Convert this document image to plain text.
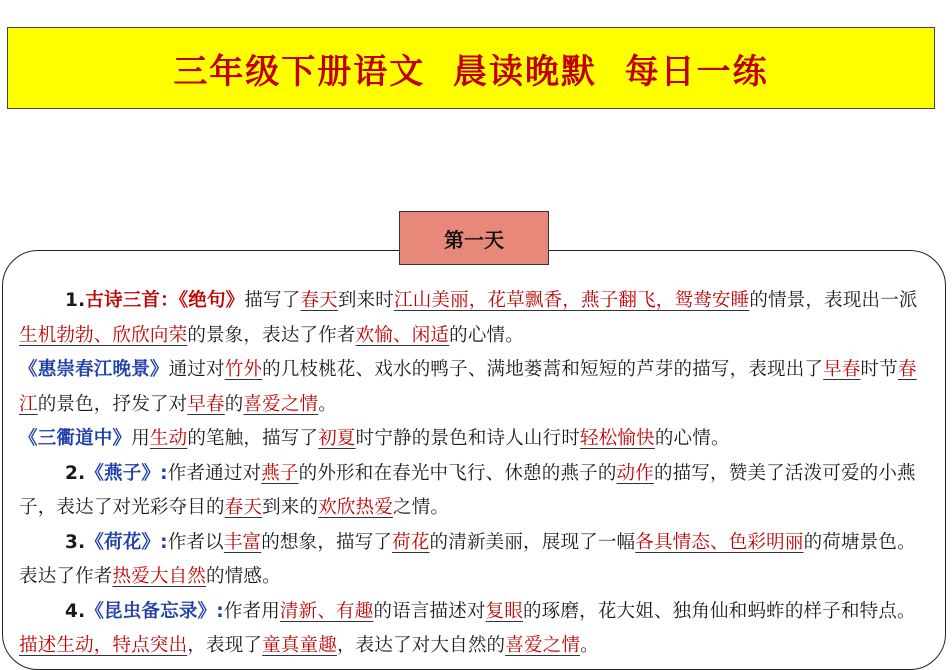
三年级下册语文  晨读晚默  每日一练
第一天

1.古诗三首：《绝句》描写了春天到来时江山美丽，花草飘香，燕子翻飞，鸳鸯安睡的情景，表现出一派生机勃勃、欣欣向荣的景象，表达了作者欢愉、闲适的心情。

《惠崇春江晚景》通过对竹外的几枝桃花、戏水的鸭子、满地蒌蒿和短短的芦芽的描写，表现出了早春时节春江的景色，抒发了对早春的喜爱之情。

《三衢道中》用生动的笔触，描写了初夏时宁静的景色和诗人山行时轻松愉快的心情。

2.《燕子》:作者通过对燕子的外形和在春光中飞行、休憩的燕子的动作的描写，赞美了活泼可爱的小燕子，表达了对光彩夺目的春天到来的欢欣热爱之情。

3.《荷花》:作者以丰富的想象，描写了荷花的清新美丽，展现了一幅各具情态、色彩明丽的荷塘景色。表达了作者热爱大自然的情感。

4.《昆虫备忘录》:作者用清新、有趣的语言描述对复眼的琢磨，花大姐、独角仙和蚂蚱的样子和特点。描述生动，特点突出，表现了童真童趣，表达了对大自然的喜爱之情。
